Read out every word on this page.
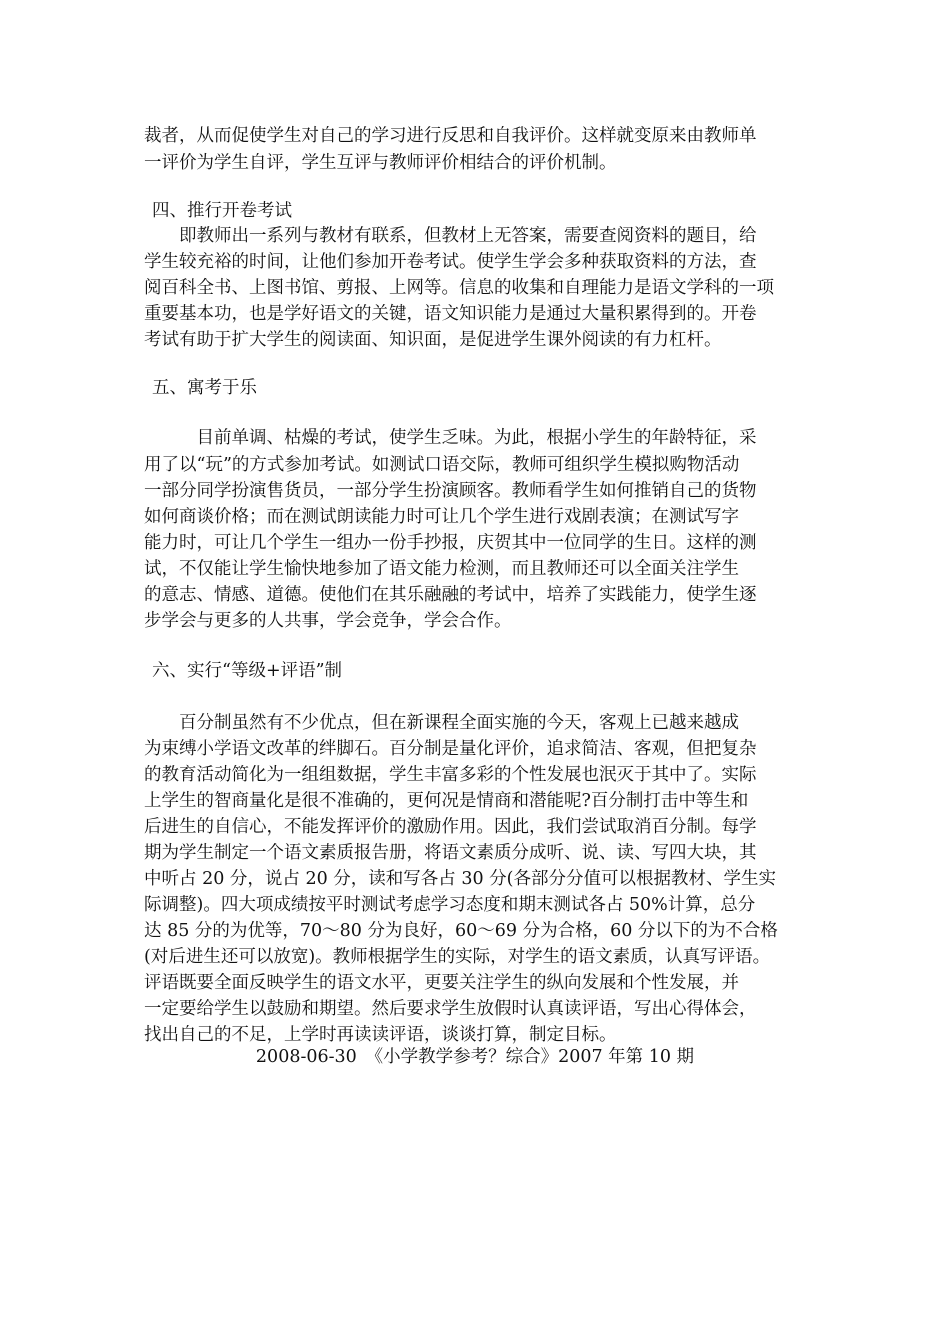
裁者，从而促使学生对自己的学习进行反思和自我评价。这样就变原来由教师单
一评价为学生自评，学生互评与教师评价相结合的评价机制。
四、推行开卷考试
　　即教师出一系列与教材有联系，但教材上无答案，需要查阅资料的题目，给
学生较充裕的时间，让他们参加开卷考试。使学生学会多种获取资料的方法，查
阅百科全书、上图书馆、剪报、上网等。信息的收集和自理能力是语文学科的一项
重要基本功，也是学好语文的关键，语文知识能力是通过大量积累得到的。开卷
考试有助于扩大学生的阅读面、知识面，是促进学生课外阅读的有力杠杆。
五、寓考于乐
　　　目前单调、枯燥的考试，使学生乏味。为此，根据小学生的年龄特征，采
用了以“玩”的方式参加考试。如测试口语交际，教师可组织学生模拟购物活动
一部分同学扮演售货员，一部分学生扮演顾客。教师看学生如何推销自己的货物
如何商谈价格；而在测试朗读能力时可让几个学生进行戏剧表演；在测试写字
能力时，可让几个学生一组办一份手抄报，庆贺其中一位同学的生日。这样的测
试，不仅能让学生愉快地参加了语文能力检测，而且教师还可以全面关注学生
的意志、情感、道德。使他们在其乐融融的考试中，培养了实践能力，使学生逐
步学会与更多的人共事，学会竞争，学会合作。
六、实行“等级+评语”制
　　百分制虽然有不少优点，但在新课程全面实施的今天，客观上已越来越成
为束缚小学语文改革的绊脚石。百分制是量化评价，追求简洁、客观，但把复杂
的教育活动简化为一组组数据，学生丰富多彩的个性发展也泯灭于其中了。实际
上学生的智商量化是很不准确的，更何况是情商和潜能呢?百分制打击中等生和
后进生的自信心，不能发挥评价的激励作用。因此，我们尝试取消百分制。每学
期为学生制定一个语文素质报告册，将语文素质分成听、说、读、写四大块，其
中听占 20 分，说占 20 分，读和写各占 30 分(各部分分值可以根据教材、学生实
际调整)。四大项成绩按平时测试考虑学习态度和期末测试各占 50%计算，总分
达 85 分的为优等，70～80 分为良好，60～69 分为合格，60 分以下的为不合格
(对后进生还可以放宽)。教师根据学生的实际，对学生的语文素质，认真写评语。
评语既要全面反映学生的语文水平，更要关注学生的纵向发展和个性发展，并
一定要给学生以鼓励和期望。然后要求学生放假时认真读评语，写出心得体会，
找出自己的不足，上学时再读读评语，谈谈打算，制定目标。
2008-06-30　《小学教学参考？综合》2007 年第 10 期
